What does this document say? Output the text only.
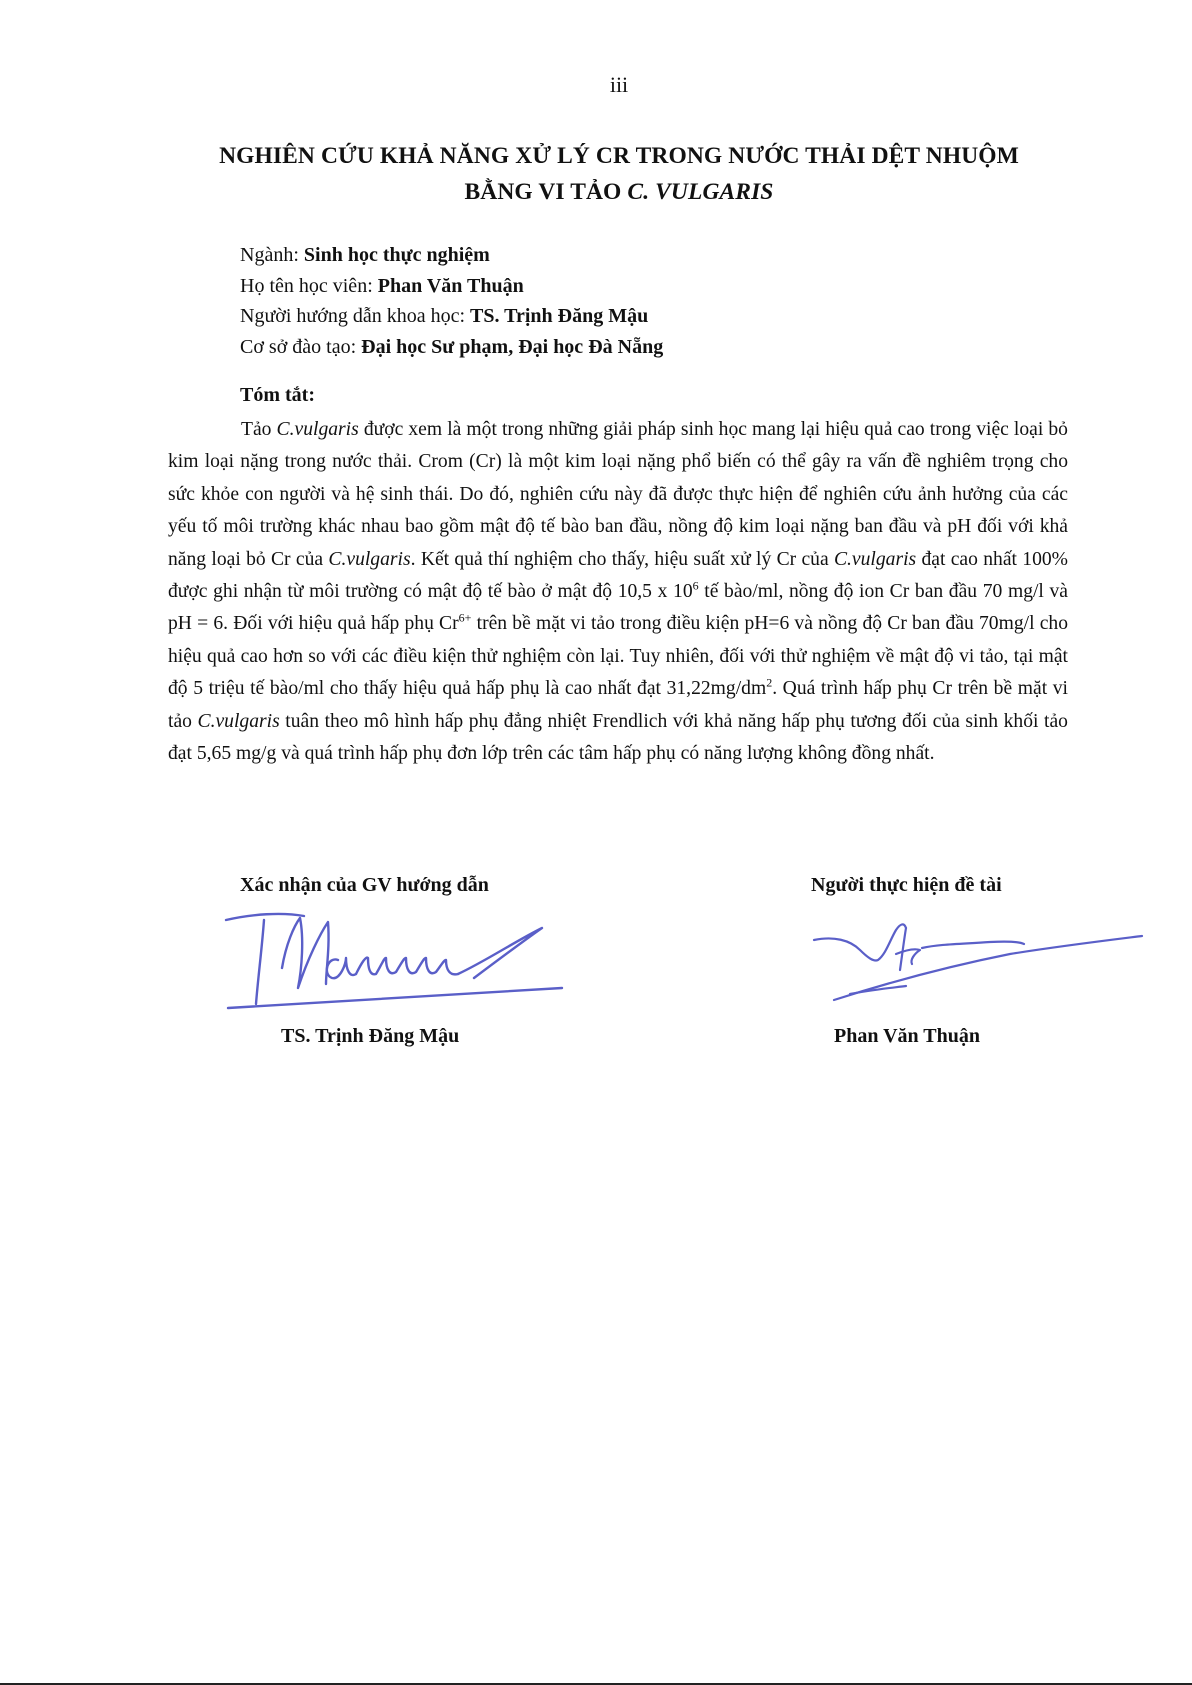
iii
NGHIÊN CỨU KHẢ NĂNG XỬ LÝ CR TRONG NƯỚC THẢI DỆT NHUỘM
BẰNG VI TẢO C. VULGARIS
Ngành: Sinh học thực nghiệm
Họ tên học viên: Phan Văn Thuận
Người hướng dẫn khoa học: TS. Trịnh Đăng Mậu
Cơ sở đào tạo: Đại học Sư phạm, Đại học Đà Nẵng
Tóm tắt:
Tảo C.vulgaris được xem là một trong những giải pháp sinh học mang lại hiệu quả cao trong việc loại bỏ kim loại nặng trong nước thải. Crom (Cr) là một kim loại nặng phổ biến có thể gây ra vấn đề nghiêm trọng cho sức khỏe con người và hệ sinh thái. Do đó, nghiên cứu này đã được thực hiện để nghiên cứu ảnh hưởng của các yếu tố môi trường khác nhau bao gồm mật độ tế bào ban đầu, nồng độ kim loại nặng ban đầu và pH đối với khả năng loại bỏ Cr của C.vulgaris. Kết quả thí nghiệm cho thấy, hiệu suất xử lý Cr của C.vulgaris đạt cao nhất 100% được ghi nhận từ môi trường có mật độ tế bào ở mật độ 10,5 x $10^6$ tế bào/ml, nồng độ ion Cr ban đầu 70 mg/l và pH = 6. Đối với hiệu quả hấp phụ $Cr^{6+}$ trên bề mặt vi tảo trong điều kiện pH=6 và nồng độ Cr ban đầu 70mg/l cho hiệu quả cao hơn so với các điều kiện thử nghiệm còn lại. Tuy nhiên, đối với thử nghiệm về mật độ vi tảo, tại mật độ 5 triệu tế bào/ml cho thấy hiệu quả hấp phụ là cao nhất đạt $31,22mg/dm^2$. Quá trình hấp phụ Cr trên bề mặt vi tảo C.vulgaris tuân theo mô hình hấp phụ đẳng nhiệt Frendlich với khả năng hấp phụ tương đối của sinh khối tảo đạt 5,65 mg/g và quá trình hấp phụ đơn lớp trên các tâm hấp phụ có năng lượng không đồng nhất.
Xác nhận của GV hướng dẫn	Người thực hiện đề tài
TS. Trịnh Đăng Mậu	Phan Văn Thuận
